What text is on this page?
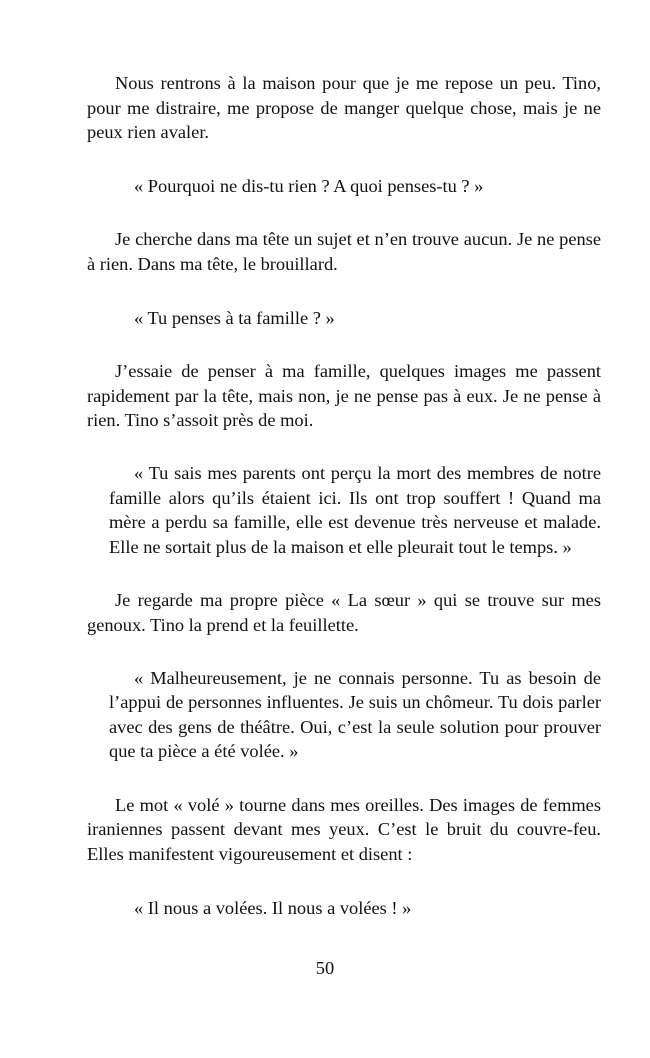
Nous rentrons à la maison pour que je me repose un peu. Tino, pour me distraire, me propose de manger quelque chose, mais je ne peux rien avaler.

« Pourquoi ne dis-tu rien ? A quoi penses-tu ? »

Je cherche dans ma tête un sujet et n’en trouve aucun. Je ne pense à rien. Dans ma tête, le brouillard.

« Tu penses à ta famille ? »

J’essaie de penser à ma famille, quelques images me passent rapidement par la tête, mais non, je ne pense pas à eux. Je ne pense à rien. Tino s’assoit près de moi.

« Tu sais mes parents ont perçu la mort des membres de notre famille alors qu’ils étaient ici. Ils ont trop souffert ! Quand ma mère a perdu sa famille, elle est devenue très nerveuse et malade. Elle ne sortait plus de la maison et elle pleurait tout le temps. »

Je regarde ma propre pièce « La sœur » qui se trouve sur mes genoux. Tino la prend et la feuillette.

« Malheureusement, je ne connais personne. Tu as besoin de l’appui de personnes influentes. Je suis un chômeur. Tu dois parler avec des gens de théâtre. Oui, c’est la seule solution pour prouver que ta pièce a été volée. »

Le mot « volé » tourne dans mes oreilles. Des images de femmes iraniennes passent devant mes yeux. C’est le bruit du couvre-feu. Elles manifestent vigoureusement et disent :

« Il nous a volées. Il nous a volées ! »

50
